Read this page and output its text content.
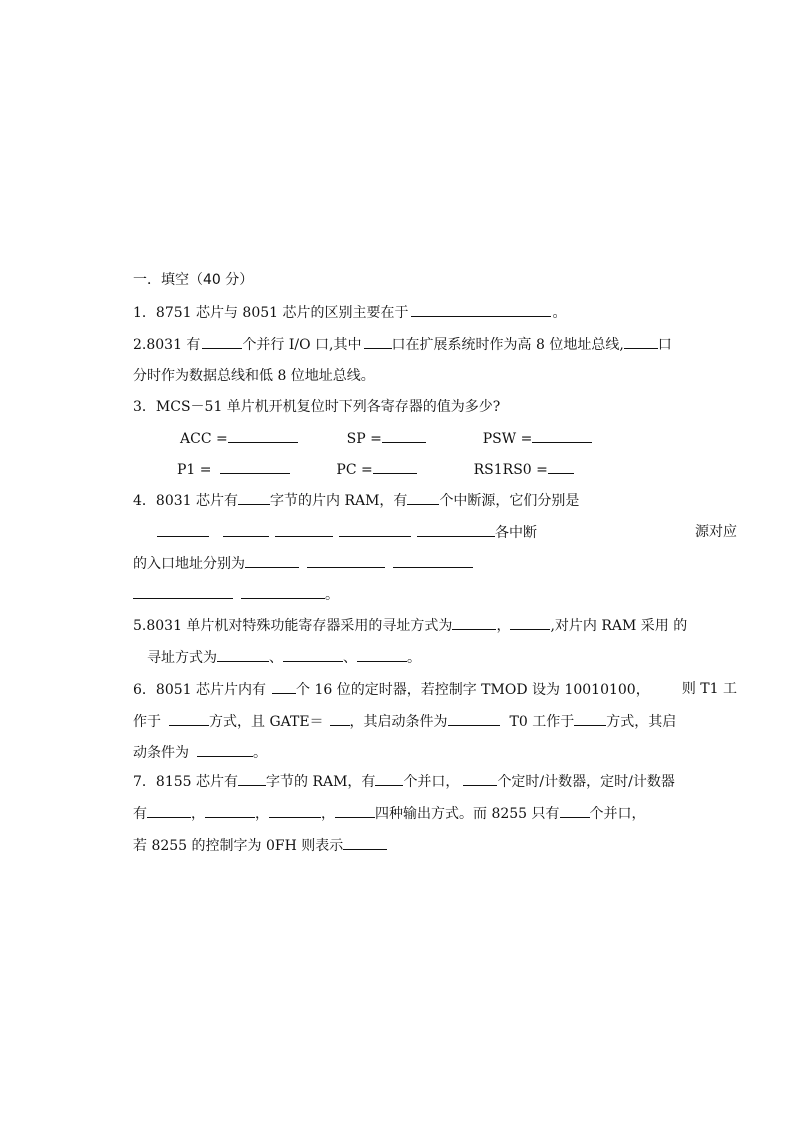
一．填空（40 分）
1．8751 芯片与 8051 芯片的区别主要在于	。
2.8031 有	个并行 I/O 口,其中 口在扩展系统时作为高 8 位地址总线, 口
分时作为数据总线和低 8 位地址总线。
3．MCS－51 单片机开机复位时下列各寄存器的值为多少?
ACC =	SP =	PSW =
P1 =	PC =	RS1RS0 =
4．8031 芯片有 字节的片内 RAM，有 个中断源，它们分别是
各中断	源对应
的入口地址分别为
。
5.8031 单片机对特殊功能寄存器采用的寻址方式为	，	,对片内 RAM 采用 的
寻址方式为	、	、	。
6．8051 芯片片内有 个 16 位的定时器，若控制字 TMOD 设为 10010100， 则 T1 工
作于	方式，且 GATE＝ ，其启动条件为	T0 工作于 方式，其启
动条件为	。
7．8155 芯片有 字节的 RAM，有 个并口，	个定时/计数器，定时/计数器
有	，	，	，	四种输出方式。而 8255 只有 个并口，
若 8255 的控制字为 0FH 则表示
